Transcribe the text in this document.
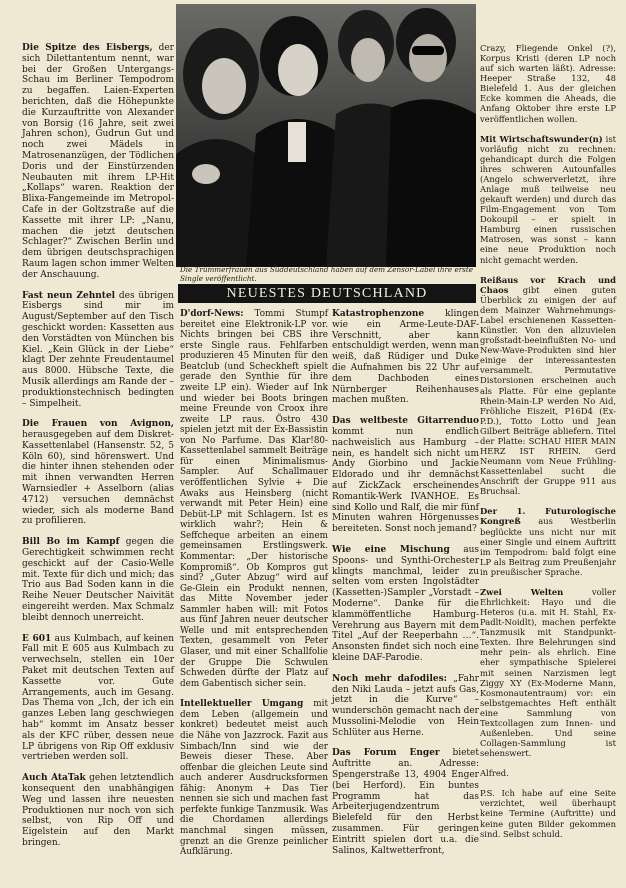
Die Trümmerfrauen aus Süddeutschland haben auf dem Zensor-Label ihre erste Single veröffentlicht.
NEUESTES DEUTSCHLAND

Die Spitze des Eisbergs, der sich Dilettantentum nennt, war bei der Großen Untergangs-Schau im Berliner Tempodrom zu begaffen. Laien-Experten berichten, daß die Höhepunkte die Kurzauftritte von Alexander von Borsig (16 Jahre, seit zwei Jahren schon), Gudrun Gut und noch zwei Mädels in Matrosenanzügen, der Tödlichen Doris und der Einstürzenden Neubauten mit ihrem LP-Hit „Kollaps“ waren. Reaktion der Blixa-Fangemeinde im Metropol-Cafe in der Goltzstraße auf die Kassette mit ihrer LP: „Nanu, machen die jetzt deutschen Schlager?“ Zwischen Berlin und dem übrigen deutschsprachigen Raum lagen schon immer Welten der Anschauung.

Fast neun Zehntel des übrigen Eisbergs sind mir im August/September auf den Tisch geschickt worden: Kassetten aus den Vorstädten von München bis Kiel. „Kein Glück in der Liebe“ klagt Der zehnte Freudentaumel aus 8000. Hübsche Texte, die Musik allerdings am Rande der – produktionstechnisch bedingten – Simpelheit.

Die Frauen von Avignon, herausgegeben auf dem Diskret-Kassettenlabel (Hansenstr. 52, 5 Köln 60), sind hörenswert. Und die hinter ihnen stehenden oder mit ihnen verwandten Herren Warnsiedler + Asselborn (alias 4712) versuchen demnächst wieder, sich als moderne Band zu profilieren.

Bill Bo im Kampf gegen die Gerechtigkeit schwimmen recht geschickt auf der Casio-Welle mit. Texte für dich und mich; das Trio aus Bad Soden kann in die Reihe Neuer Deutscher Naivität eingereiht werden. Max Schmalz bleibt dennoch unerreicht.

E 601 aus Kulmbach, auf keinen Fall mit E 605 aus Kulmbach zu verwechseln, stellen ein 10er Paket mit deutschen Texten auf Kassette vor. Gute Arrangements, auch im Gesang. Das Thema von „Ich, der ich ein ganzes Leben lang geschwiegen hab“ kommt im Ansatz besser als der KFC rüber, dessen neue LP übrigens von Rip Off exklusiv vertrieben werden soll.

Auch AtaTak gehen letztendlich konsequent den unabhängigen Weg und lassen ihre neuesten Produktionen nur noch von sich selbst, von Rip Off und Eigelstein auf den Markt bringen.

D'dorf-News: Tommi Stumpf bereitet eine Elektronik-LP vor. Nichts bringen bei CBS ihre erste Single raus. Fehlfarben produzieren 45 Minuten für den Beatclub (und Scheckheft spielt gerade den Synthie für ihre zweite LP ein). Wieder auf Ink und wieder bei Boots bringen meine Freunde von Croox ihre zweite LP raus. Östro 430 spielen jetzt mit der Ex-Bassistin von No Parfume. Das Klar!80-Kassettenlabel sammelt Beiträge für einen Minimalismus-Sampler. Auf Schallmauer veröffentlichen Sylvie + Die Awaks aus Heinsberg (nicht verwandt mit Peter Hein) eine Debüt-LP mit Schlagern. Ist es wirklich wahr?; Hein & Seffcheque arbeiten an einem gemeinsamen Erstlingswerk. Kommentar: „Der historische Kompromiß“. Ob Kompros gut sind? „Guter Abzug“ wird auf Ge-Glein ein Produkt nennen, das Mitte November jeder Sammler haben will: mit Fotos aus fünf Jahren neuer deutscher Welle und mit entsprechenden Texten, gesammelt von Peter Glaser, und mit einer Schallfolie der Gruppe Die Schwulen Schweden dürfte der Platz auf dem Gabentisch sicher sein.

Intellektueller Umgang mit dem Leben (allgemein und konkret) bedeutet meist auch die Nähe von Jazzrock. Fazit aus Simbach/Inn sind wie der Beweis dieser These. Aber offenbar die gleichen Leute sind auch anderer Ausdrucksformen fähig: Anonym + Das Tier nennen sie sich und machen fast perfekte funkige Tanzmusik. Was die Chordamen allerdings manchmal singen müssen, grenzt an die Grenze peinlicher Aufklärung.

Katastrophenzone klingen wie ein Arme-Leute-DAF-Verschnitt, aber kann entschuldigt werden, wenn man weiß, daß Rüdiger und Duke die Aufnahmen bis 22 Uhr auf dem Dachboden eines Nürnberger Reihenhauses machen mußten.

Das weltbeste Gitarrenduo kommt nun endlich nachweislich aus Hamburg – nein, es handelt sich nicht um Andy Giorbino und Jackie Eldorado und ihr demnächst auf ZickZack erscheinendes Romantik-Werk IVANHOE. Es sind Kollo und Ralf, die mir fünf Minuten wahren Hörgenusses bereiteten. Sonst noch jemand?

Wie eine Mischung aus Spoons- und Synthi-Orchester klingts manchmal, leider zu selten vom ersten Ingolstädter (Kassetten-)Sampler „Vorstadt – Moderne“. Danke für die klammöffentliche Hamburg-Verehrung aus Bayern mit dem Titel „Auf der Reeperbahn …“. Ansonsten findet sich noch eine kleine DAF-Parodie.

Noch mehr dafodiles: „Fahr den Niki Lauda – jetzt aufs Gas, jetzt in die Kurve“ – wunderschön gemacht nach der Mussolini-Melodie von Hein Schlüter aus Herne.

Das Forum Enger bietet Auftritte an. Adresse: Spengerstraße 13, 4904 Enger (bei Herford). Ein buntes Programm hat das Arbeiterjugendzentrum Bielefeld für den Herbst zusammen. Für geringen Eintritt spielen dort u.a. die Salinos, Kaltwetterfront,

Crazy, Fliegende Onkel (?), Korpus Kristi (deren LP noch auf sich warten läßt). Adresse: Heeper Straße 132, 48 Bielefeld 1. Aus der gleichen Ecke kommen die Aheads, die Anfang Oktober ihre erste LP veröffentlichen wollen.

Mit Wirtschaftswunder(n) ist vorläufig nicht zu rechnen: gehandicapt durch die Folgen ihres schweren Autounfalles (Angelo schwerverletzt, ihre Anlage muß teilweise neu gekauft werden) und durch das Film-Engagement von Tom Dokoupil – er spielt in Hamburg einen russischen Matrosen, was sonst – kann eine neue Produktion noch nicht gemacht werden.

Reißaus vor Krach und Chaos gibt einen guten Überblick zu einigen der auf dem Mainzer Wahrnehmungs-Label erschienenen Kassetten-Künstler. Von den allzuvielen großstadt-beeinflußten No- und New-Wave-Produkten sind hier einige der interessantesten versammelt. Permutative Distorsionen erscheinen auch als Platte. Für eine geplante Rhein-Main-LP werden No Aid, Fröhliche Eiszeit, P16D4 (Ex-P.D.), Totto Lotto und Jean Gilbert Beiträge abliefern. Titel der Platte: SCHAU HIER MAIN HERZ IST RHEIN. Gerd Neumann vom Neue Frühling-Kassettenlabel sucht die Anschrift der Gruppe 911 aus Bruchsal.

Der 1. Futurologische Kongreß aus Westberlin beglückte uns nicht nur mit einer Single und einem Auftritt im Tempodrom: bald folgt eine LP als Beitrag zum Preußenjahr in preußischer Sprache.

Zwei Welten	voller Ehrlichkeit: Hayo und die Heteros (u.a. mit H. Stahl, Ex-Padlt-Noidlt), machen perfekte Tanzmusik mit Standpunkt-Texten. Ihre Belehrungen sind mehr pein- als ehrlich. Eine eher sympathische Spielerei mit seinen Narzismen legt Ziggy XY (Ex-Moderne Mann, Kosmonautentraum) vor: ein selbstgemachtes Heft enthält eine Sammlung von Textcollagen zum Innen- und Außenleben. Und seine Collagen-Sammlung ist sehenswert.

Alfred.

P.S. Ich habe auf eine Seite verzichtet, weil überhaupt keine Termine (Auftritte) und keine guten Bilder gekommen sind. Selbst schuld.
